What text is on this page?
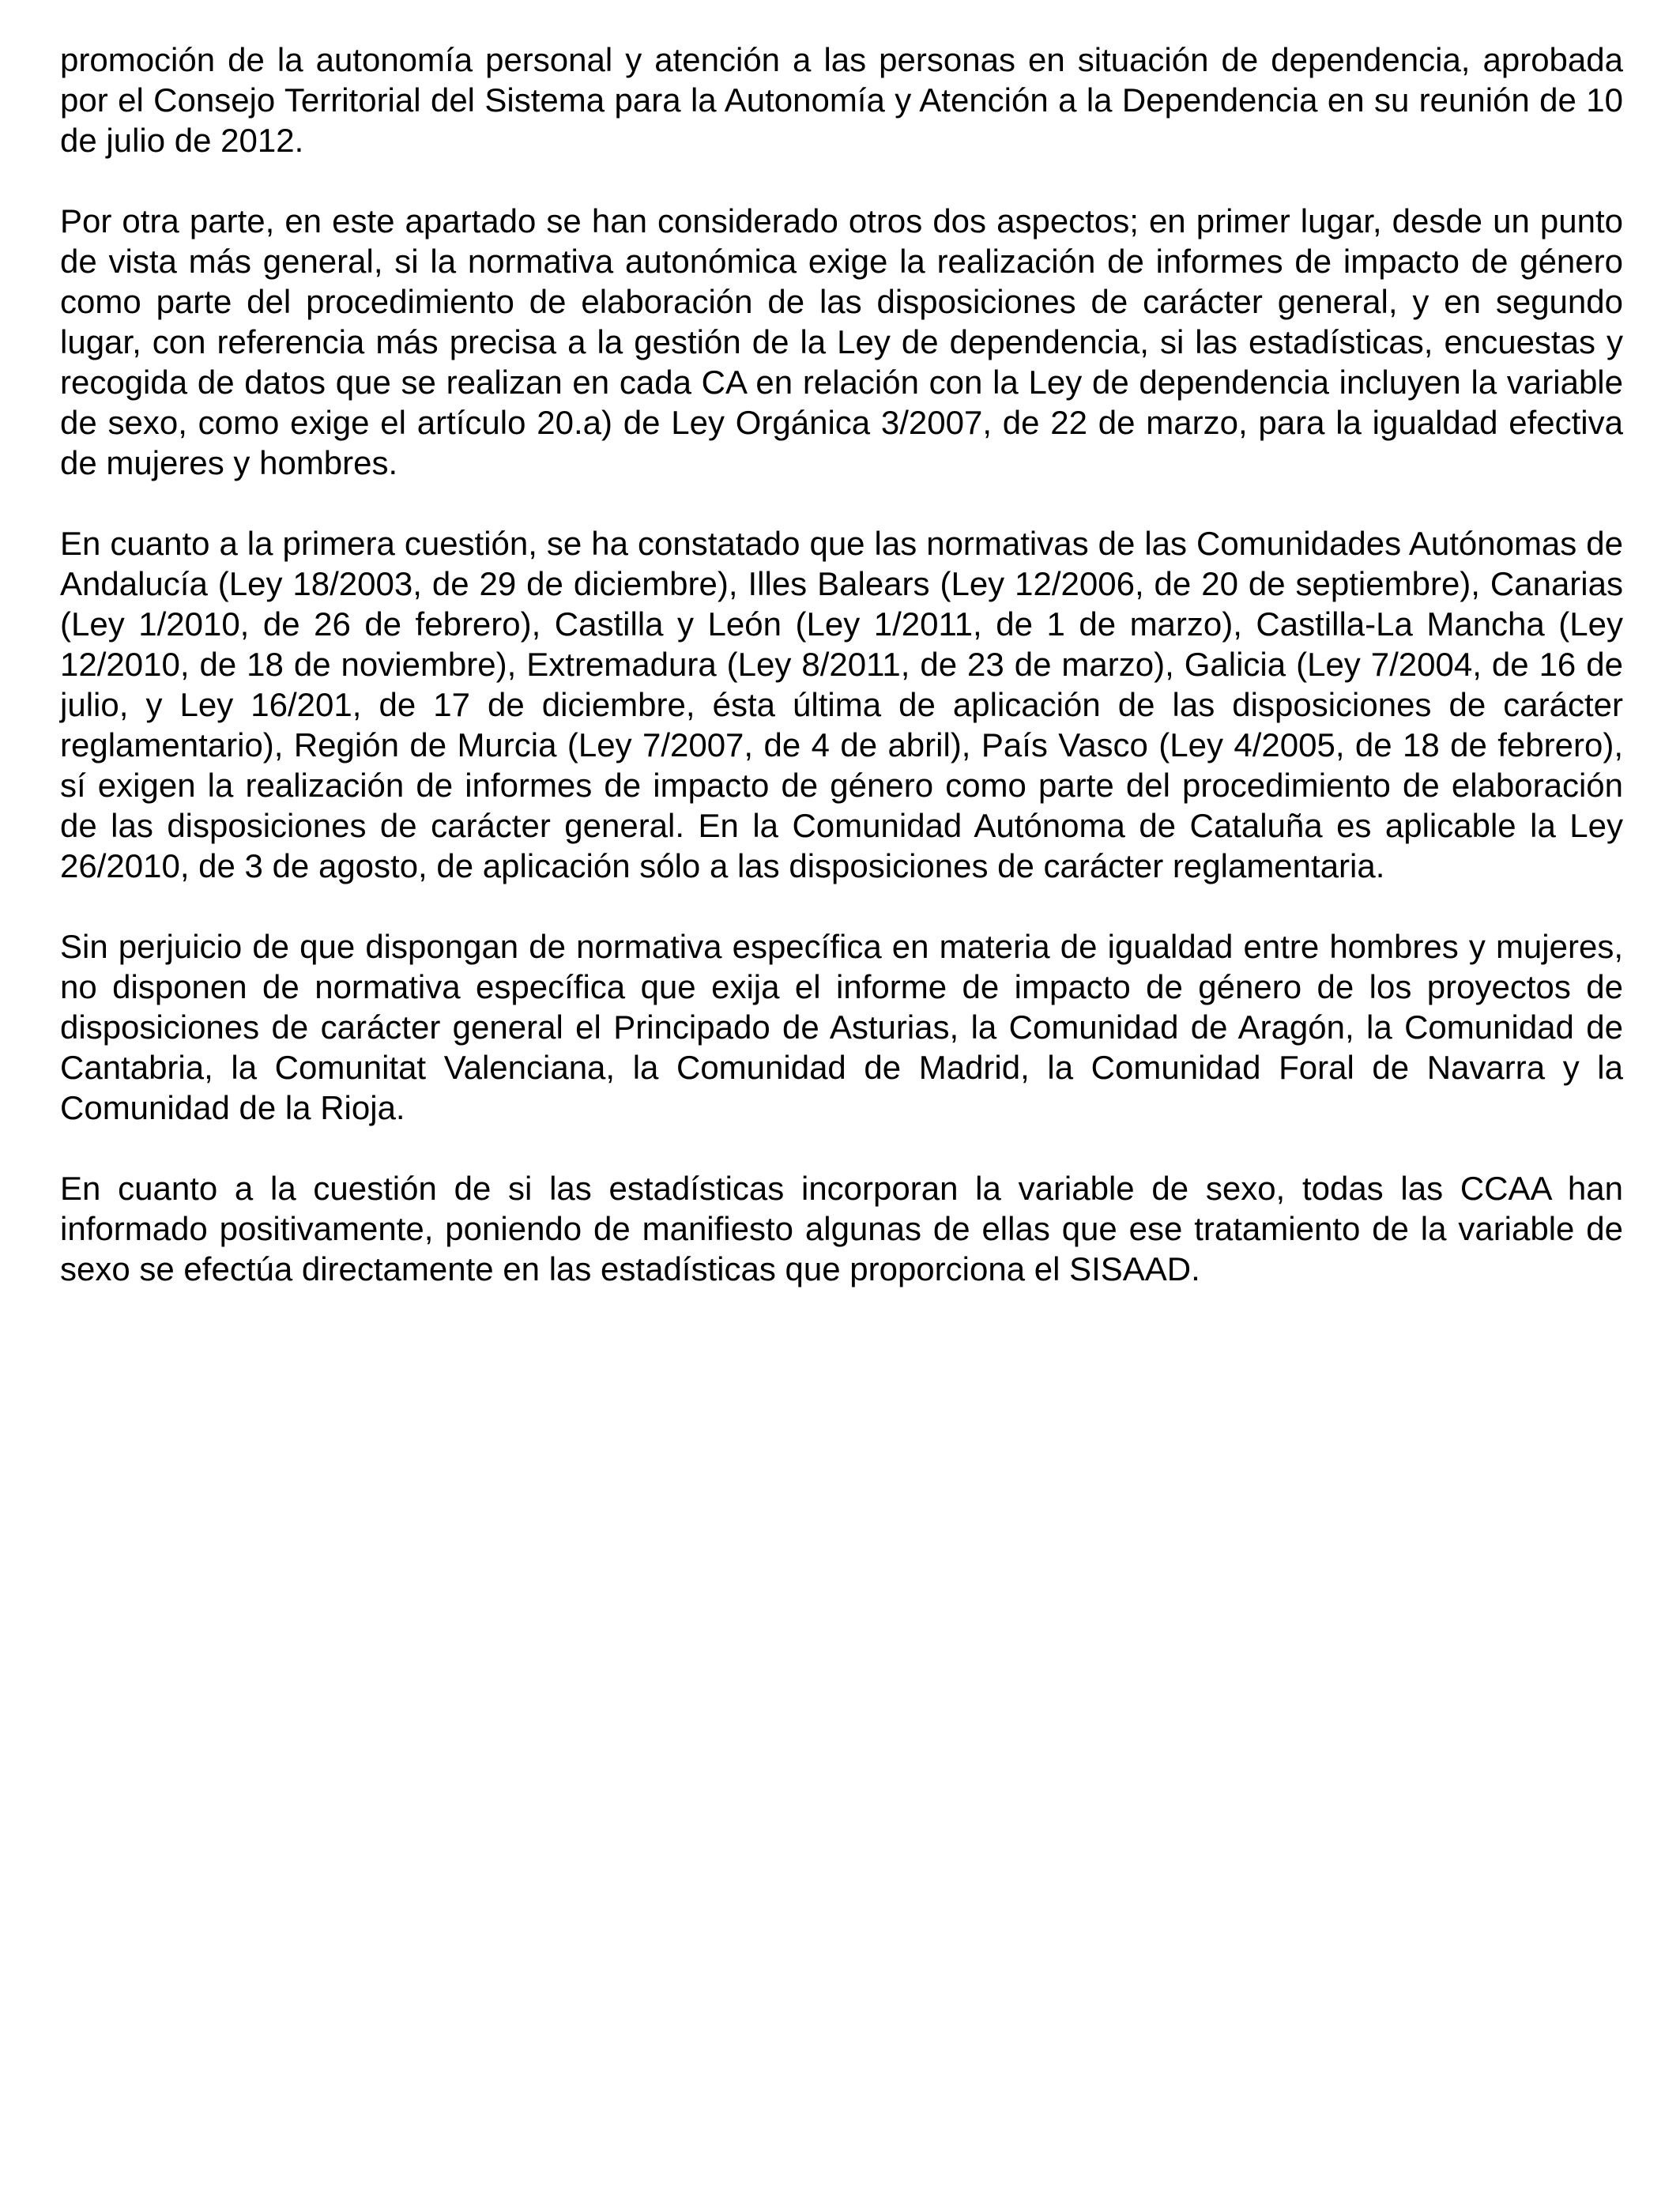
promoción de la autonomía personal y atención a las personas en situación de dependencia, aprobada por el Consejo Territorial del Sistema para la Autonomía y Atención a la Dependencia en su reunión de 10 de julio de 2012.

Por otra parte, en este apartado se han considerado otros dos aspectos; en primer lugar, desde un punto de vista más general, si la normativa autonómica exige la realización de informes de impacto de género como parte del procedimiento de elaboración de las disposiciones de carácter general, y en segundo lugar, con referencia más precisa a la gestión de la Ley de dependencia, si las estadísticas, encuestas y recogida de datos que se realizan en cada CA en relación con la Ley de dependencia incluyen la variable de sexo, como exige el artículo 20.a) de Ley Orgánica 3/2007, de 22 de marzo, para la igualdad efectiva de mujeres y hombres.

En cuanto a la primera cuestión, se ha constatado que las normativas de las Comunidades Autónomas de Andalucía (Ley 18/2003, de 29 de diciembre), Illes Balears (Ley 12/2006, de 20 de septiembre), Canarias (Ley 1/2010, de 26 de febrero), Castilla y León (Ley 1/2011, de 1 de marzo), Castilla-La Mancha (Ley 12/2010, de 18 de noviembre), Extremadura (Ley 8/2011, de 23 de marzo), Galicia (Ley 7/2004, de 16 de julio, y Ley 16/201, de 17 de diciembre, ésta última de aplicación de las disposiciones de carácter reglamentario), Región de Murcia (Ley 7/2007, de 4 de abril), País Vasco (Ley 4/2005, de 18 de febrero), sí exigen la realización de informes de impacto de género como parte del procedimiento de elaboración de las disposiciones de carácter general. En la Comunidad Autónoma de Cataluña es aplicable la Ley 26/2010, de 3 de agosto, de aplicación sólo a las disposiciones de carácter reglamentaria.

Sin perjuicio de que dispongan de normativa específica en materia de igualdad entre hombres y mujeres, no disponen de normativa específica que exija el informe de impacto de género de los proyectos de disposiciones de carácter general el Principado de Asturias, la Comunidad de Aragón, la Comunidad de Cantabria, la Comunitat Valenciana, la Comunidad de Madrid, la Comunidad Foral de Navarra y la Comunidad de la Rioja.

En cuanto a la cuestión de si las estadísticas incorporan la variable de sexo, todas las CCAA han informado positivamente, poniendo de manifiesto algunas de ellas que ese tratamiento de la variable de sexo se efectúa directamente en las estadísticas que proporciona el SISAAD.
